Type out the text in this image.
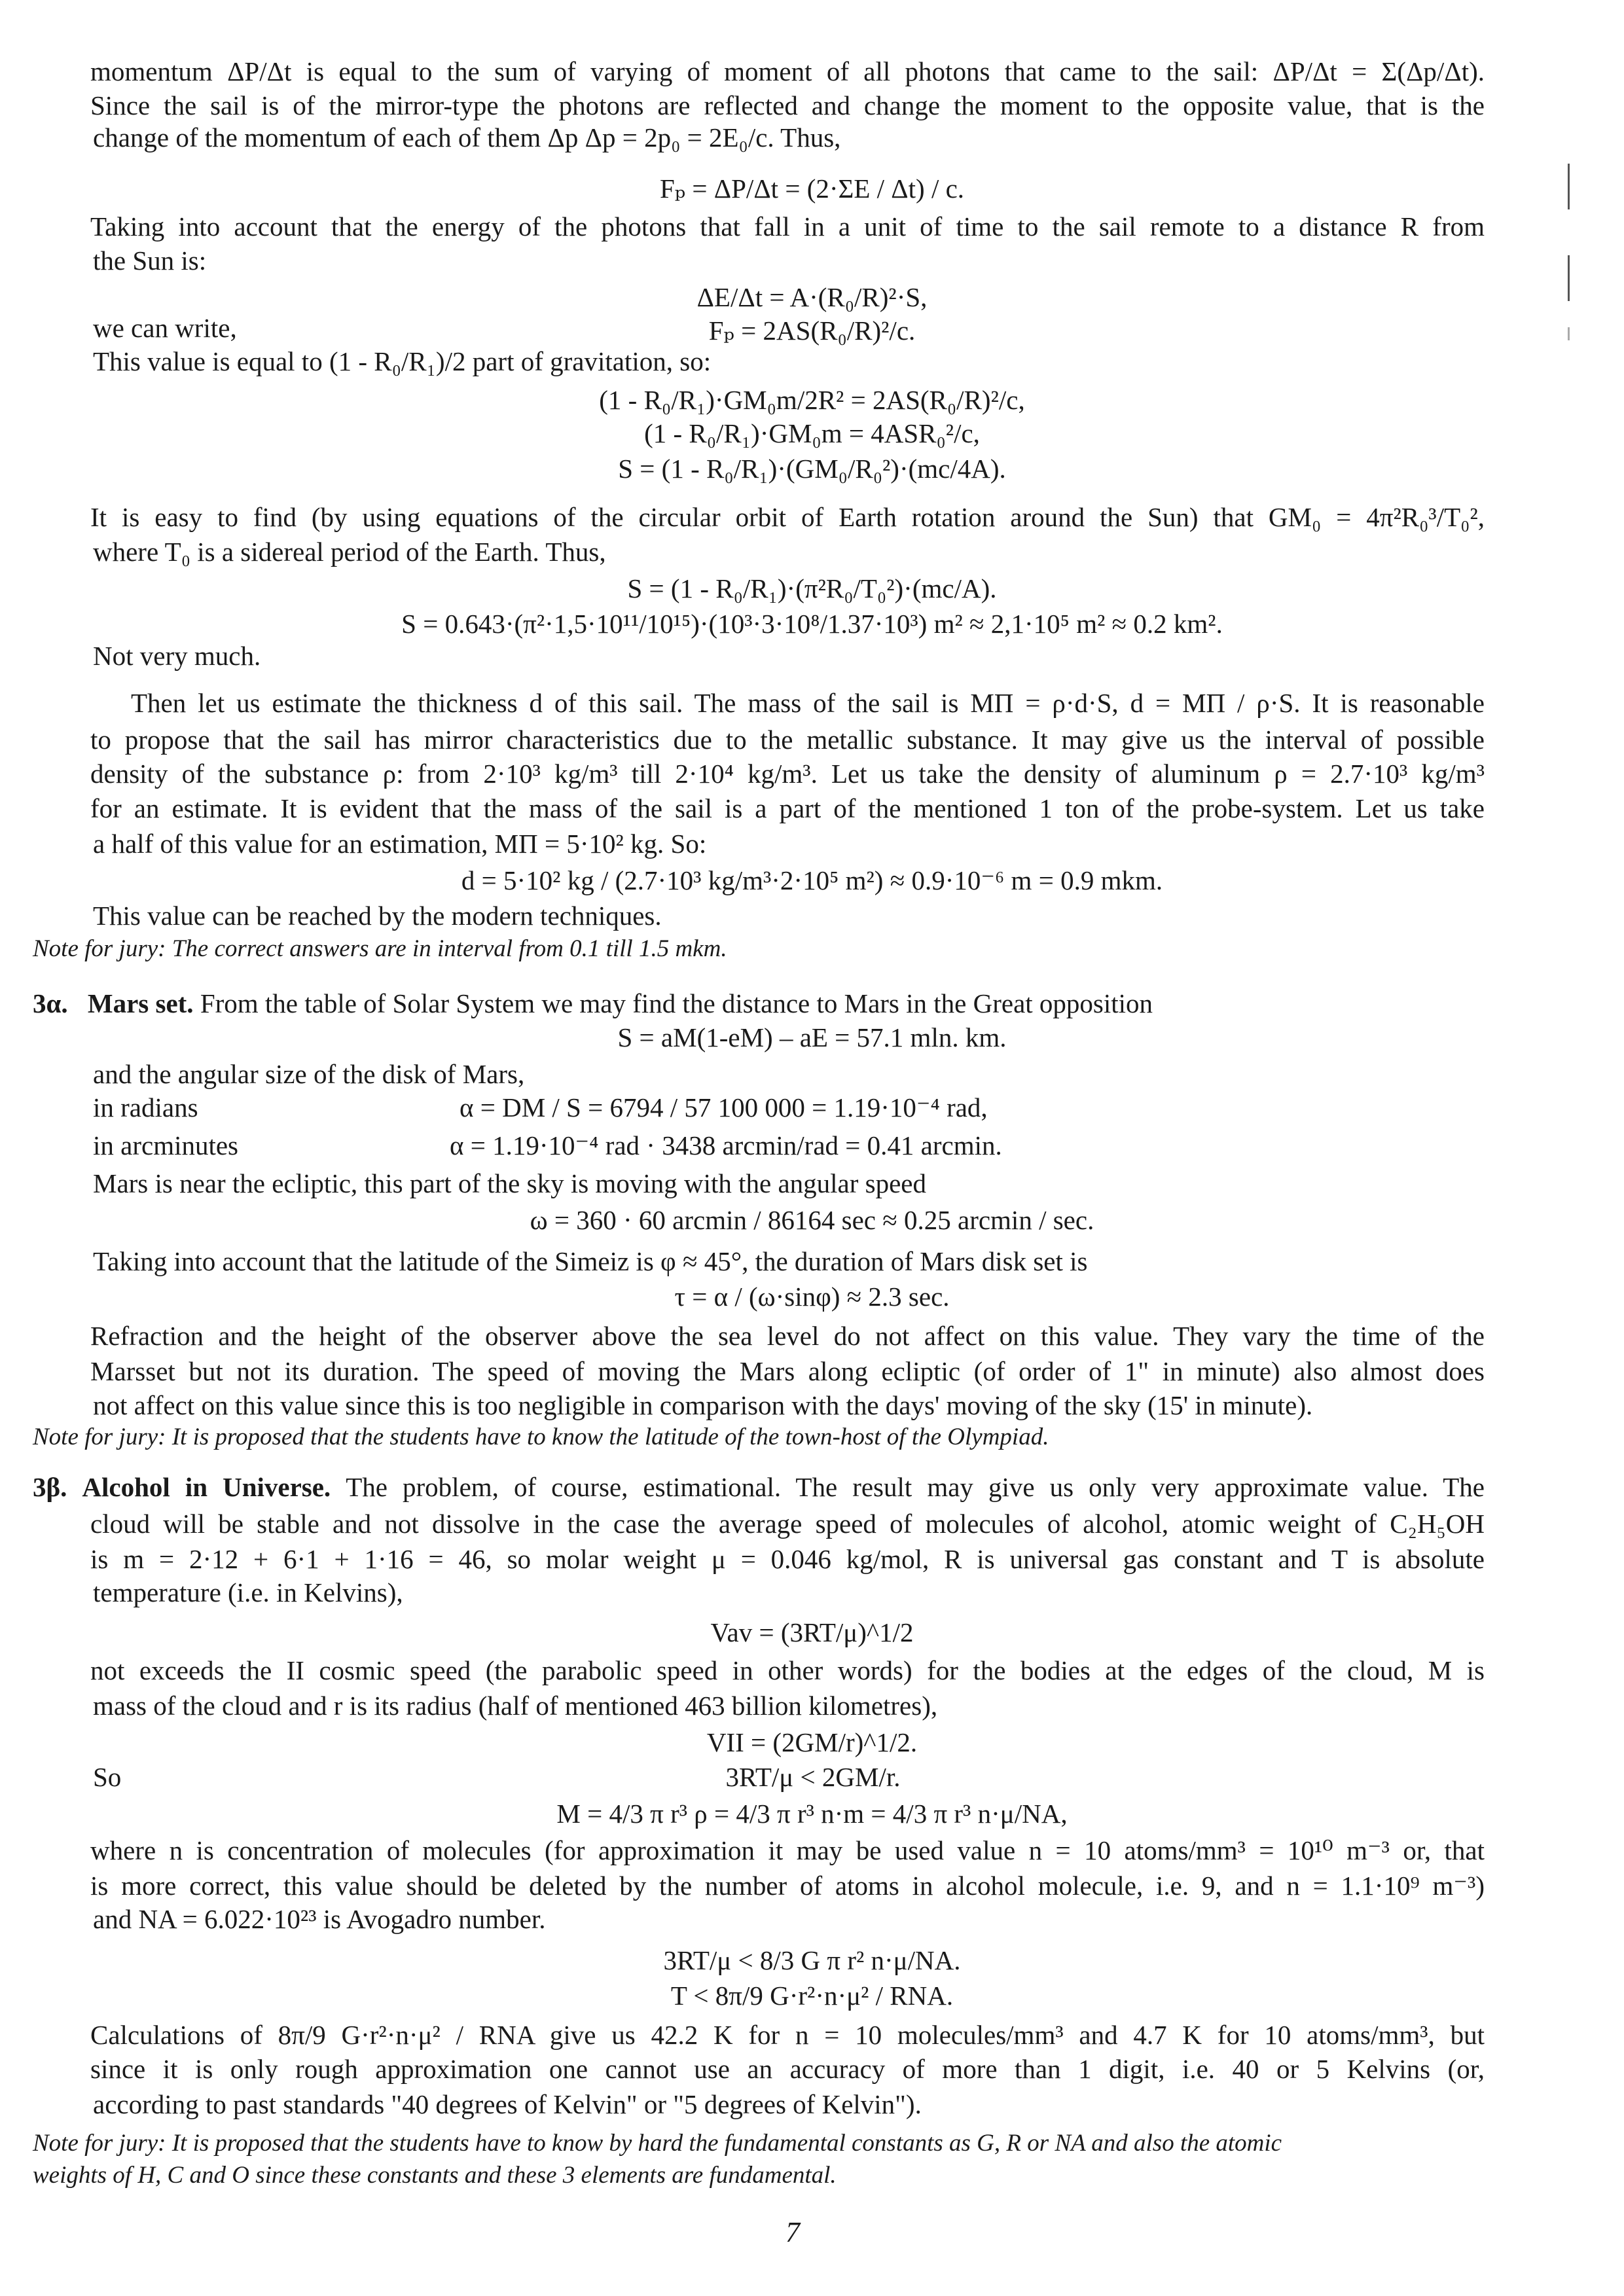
momentum ΔP/Δt is equal to the sum of varying of moment of all photons that came to the sail: ΔP/Δt = Σ(Δp/Δt).
Since the sail is of the mirror-type the photons are reflected and change the moment to the opposite value, that is the
change of the momentum of each of them Δp Δp = 2p₀ = 2E₀/c. Thus,
Fₚ = ΔP/Δt = (2·ΣE / Δt) / c.
Taking into account that the energy of the photons that fall in a unit of time to the sail remote to a distance R from
the Sun is:
ΔE/Δt = A·(R₀/R)²·S,
we can write,	Fₚ = 2AS(R₀/R)²/c.
This value is equal to (1 - R₀/R₁)/2 part of gravitation, so:
(1 - R₀/R₁)·GM₀m/2R² = 2AS(R₀/R)²/c,
(1 - R₀/R₁)·GM₀m = 4ASR₀²/c,
S = (1 - R₀/R₁)·(GM₀/R₀²)·(mc/4A).
It is easy to find (by using equations of the circular orbit of Earth rotation around the Sun) that GM₀ = 4π²R₀³/T₀²,
where T₀ is a sidereal period of the Earth. Thus,
S = (1 - R₀/R₁)·(π²R₀/T₀²)·(mc/A).
S = 0.643·(π²·1,5·10¹¹/10¹⁵)·(10³·3·10⁸/1.37·10³) m² ≈ 2,1·10⁵ m² ≈ 0.2 km².
Not very much.
Then let us estimate the thickness d of this sail. The mass of the sail is MΠ = ρ·d·S, d = MΠ / ρ·S. It is reasonable
to propose that the sail has mirror characteristics due to the metallic substance. It may give us the interval of possible
density of the substance ρ: from 2·10³ kg/m³ till 2·10⁴ kg/m³. Let us take the density of aluminum ρ = 2.7·10³ kg/m³
for an estimate. It is evident that the mass of the sail is a part of the mentioned 1 ton of the probe-system. Let us take
a half of this value for an estimation, MΠ = 5·10² kg. So:
d = 5·10² kg / (2.7·10³ kg/m³·2·10⁵ m²) ≈ 0.9·10⁻⁶ m = 0.9 mkm.
This value can be reached by the modern techniques.
Note for jury: The correct answers are in interval from 0.1 till 1.5 mkm.
3α. Mars set. From the table of Solar System we may find the distance to Mars in the Great opposition
S = aM(1-eM) – aE = 57.1 mln. km.
and the angular size of the disk of Mars,
in radians	α = DM / S = 6794 / 57 100 000 = 1.19·10⁻⁴ rad,
in arcminutes	α = 1.19·10⁻⁴ rad · 3438 arcmin/rad = 0.41 arcmin.
Mars is near the ecliptic, this part of the sky is moving with the angular speed
ω = 360 · 60 arcmin / 86164 sec ≈ 0.25 arcmin / sec.
Taking into account that the latitude of the Simeiz is φ ≈ 45°, the duration of Mars disk set is
τ = α / (ω·sinφ) ≈ 2.3 sec.
Refraction and the height of the observer above the sea level do not affect on this value. They vary the time of the
Marsset but not its duration. The speed of moving the Mars along ecliptic (of order of 1" in minute) also almost does
not affect on this value since this is too negligible in comparison with the days' moving of the sky (15' in minute).
Note for jury: It is proposed that the students have to know the latitude of the town-host of the Olympiad.
3β. Alcohol in Universe. The problem, of course, estimational. The result may give us only very approximate value. The
cloud will be stable and not dissolve in the case the average speed of molecules of alcohol, atomic weight of C₂H₅OH
is m = 2·12 + 6·1 + 1·16 = 46, so molar weight μ = 0.046 kg/mol, R is universal gas constant and T is absolute
temperature (i.e. in Kelvins),
Vav = (3RT/μ)^1/2
not exceeds the II cosmic speed (the parabolic speed in other words) for the bodies at the edges of the cloud, M is
mass of the cloud and r is its radius (half of mentioned 463 billion kilometres),
VII = (2GM/r)^1/2.
So	3RT/μ < 2GM/r.
M = 4/3 π r³ ρ = 4/3 π r³ n·m = 4/3 π r³ n·μ/NA,
where n is concentration of molecules (for approximation it may be used value n = 10 atoms/mm³ = 10¹⁰ m⁻³ or, that
is more correct, this value should be deleted by the number of atoms in alcohol molecule, i.e. 9, and n = 1.1·10⁹ m⁻³)
and NA = 6.022·10²³ is Avogadro number.
3RT/μ < 8/3 G π r² n·μ/NA.
T < 8π/9 G·r²·n·μ² / RNA.
Calculations of 8π/9 G·r²·n·μ² / RNA give us 42.2 K for n = 10 molecules/mm³ and 4.7 K for 10 atoms/mm³, but
since it is only rough approximation one cannot use an accuracy of more than 1 digit, i.e. 40 or 5 Kelvins (or,
according to past standards "40 degrees of Kelvin" or "5 degrees of Kelvin").
Note for jury: It is proposed that the students have to know by hard the fundamental constants as G, R or NA and also the atomic
weights of H, C and O since these constants and these 3 elements are fundamental.
7
